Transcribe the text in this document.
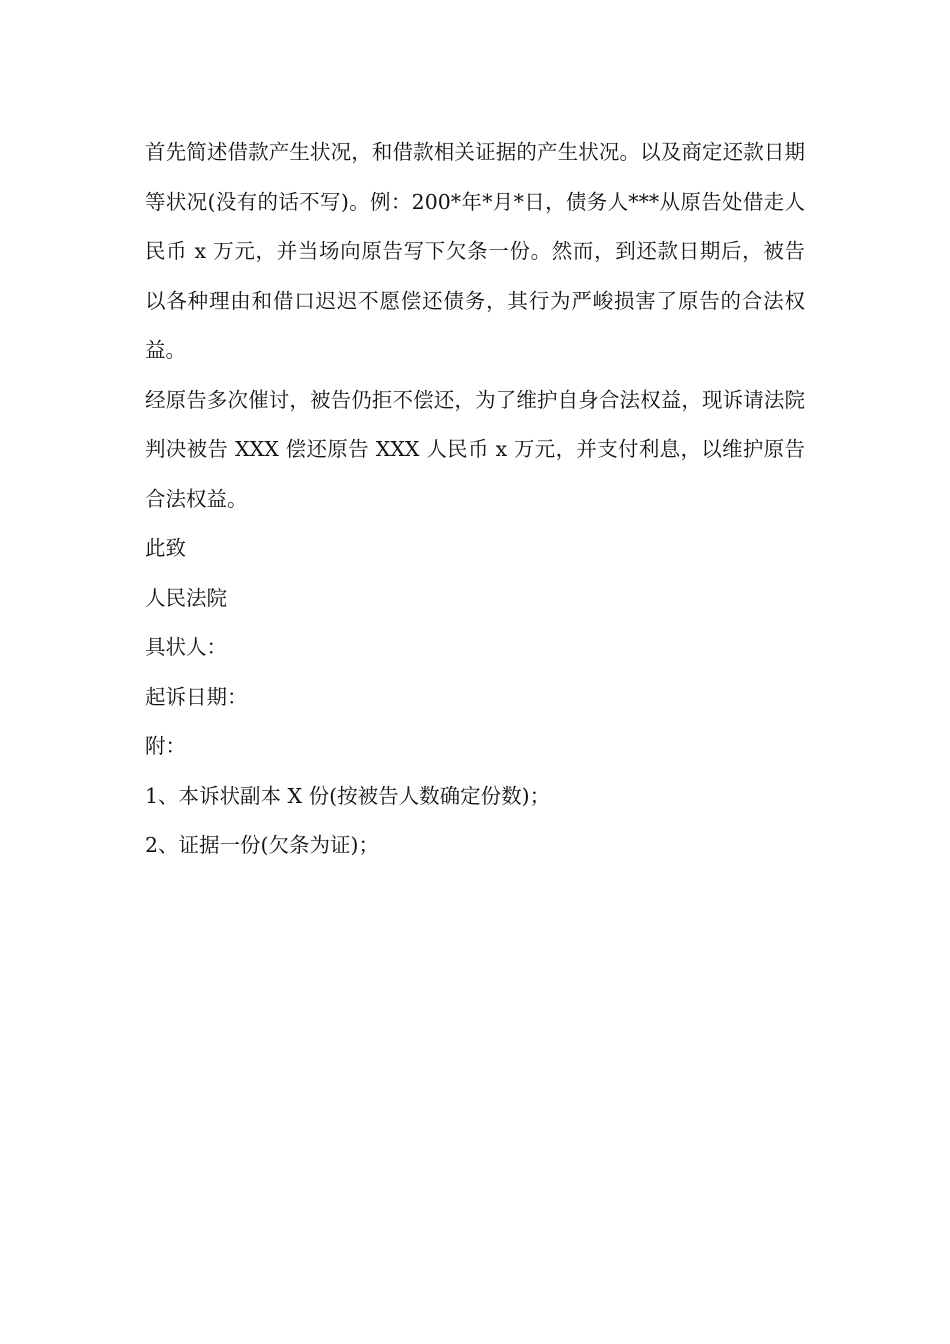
首先简述借款产生状况，和借款相关证据的产生状况。以及商定还款日期等状况(没有的话不写)。例：200*年*月*日，债务人***从原告处借走人民币 x 万元，并当场向原告写下欠条一份。然而，到还款日期后，被告以各种理由和借口迟迟不愿偿还债务，其行为严峻损害了原告的合法权益。

经原告多次催讨，被告仍拒不偿还，为了维护自身合法权益，现诉请法院判决被告 XXX 偿还原告 XXX 人民币 x 万元，并支付利息，以维护原告合法权益。

此致

人民法院

具状人：

起诉日期：

附：

1、本诉状副本 X 份(按被告人数确定份数)；

2、证据一份(欠条为证)；
